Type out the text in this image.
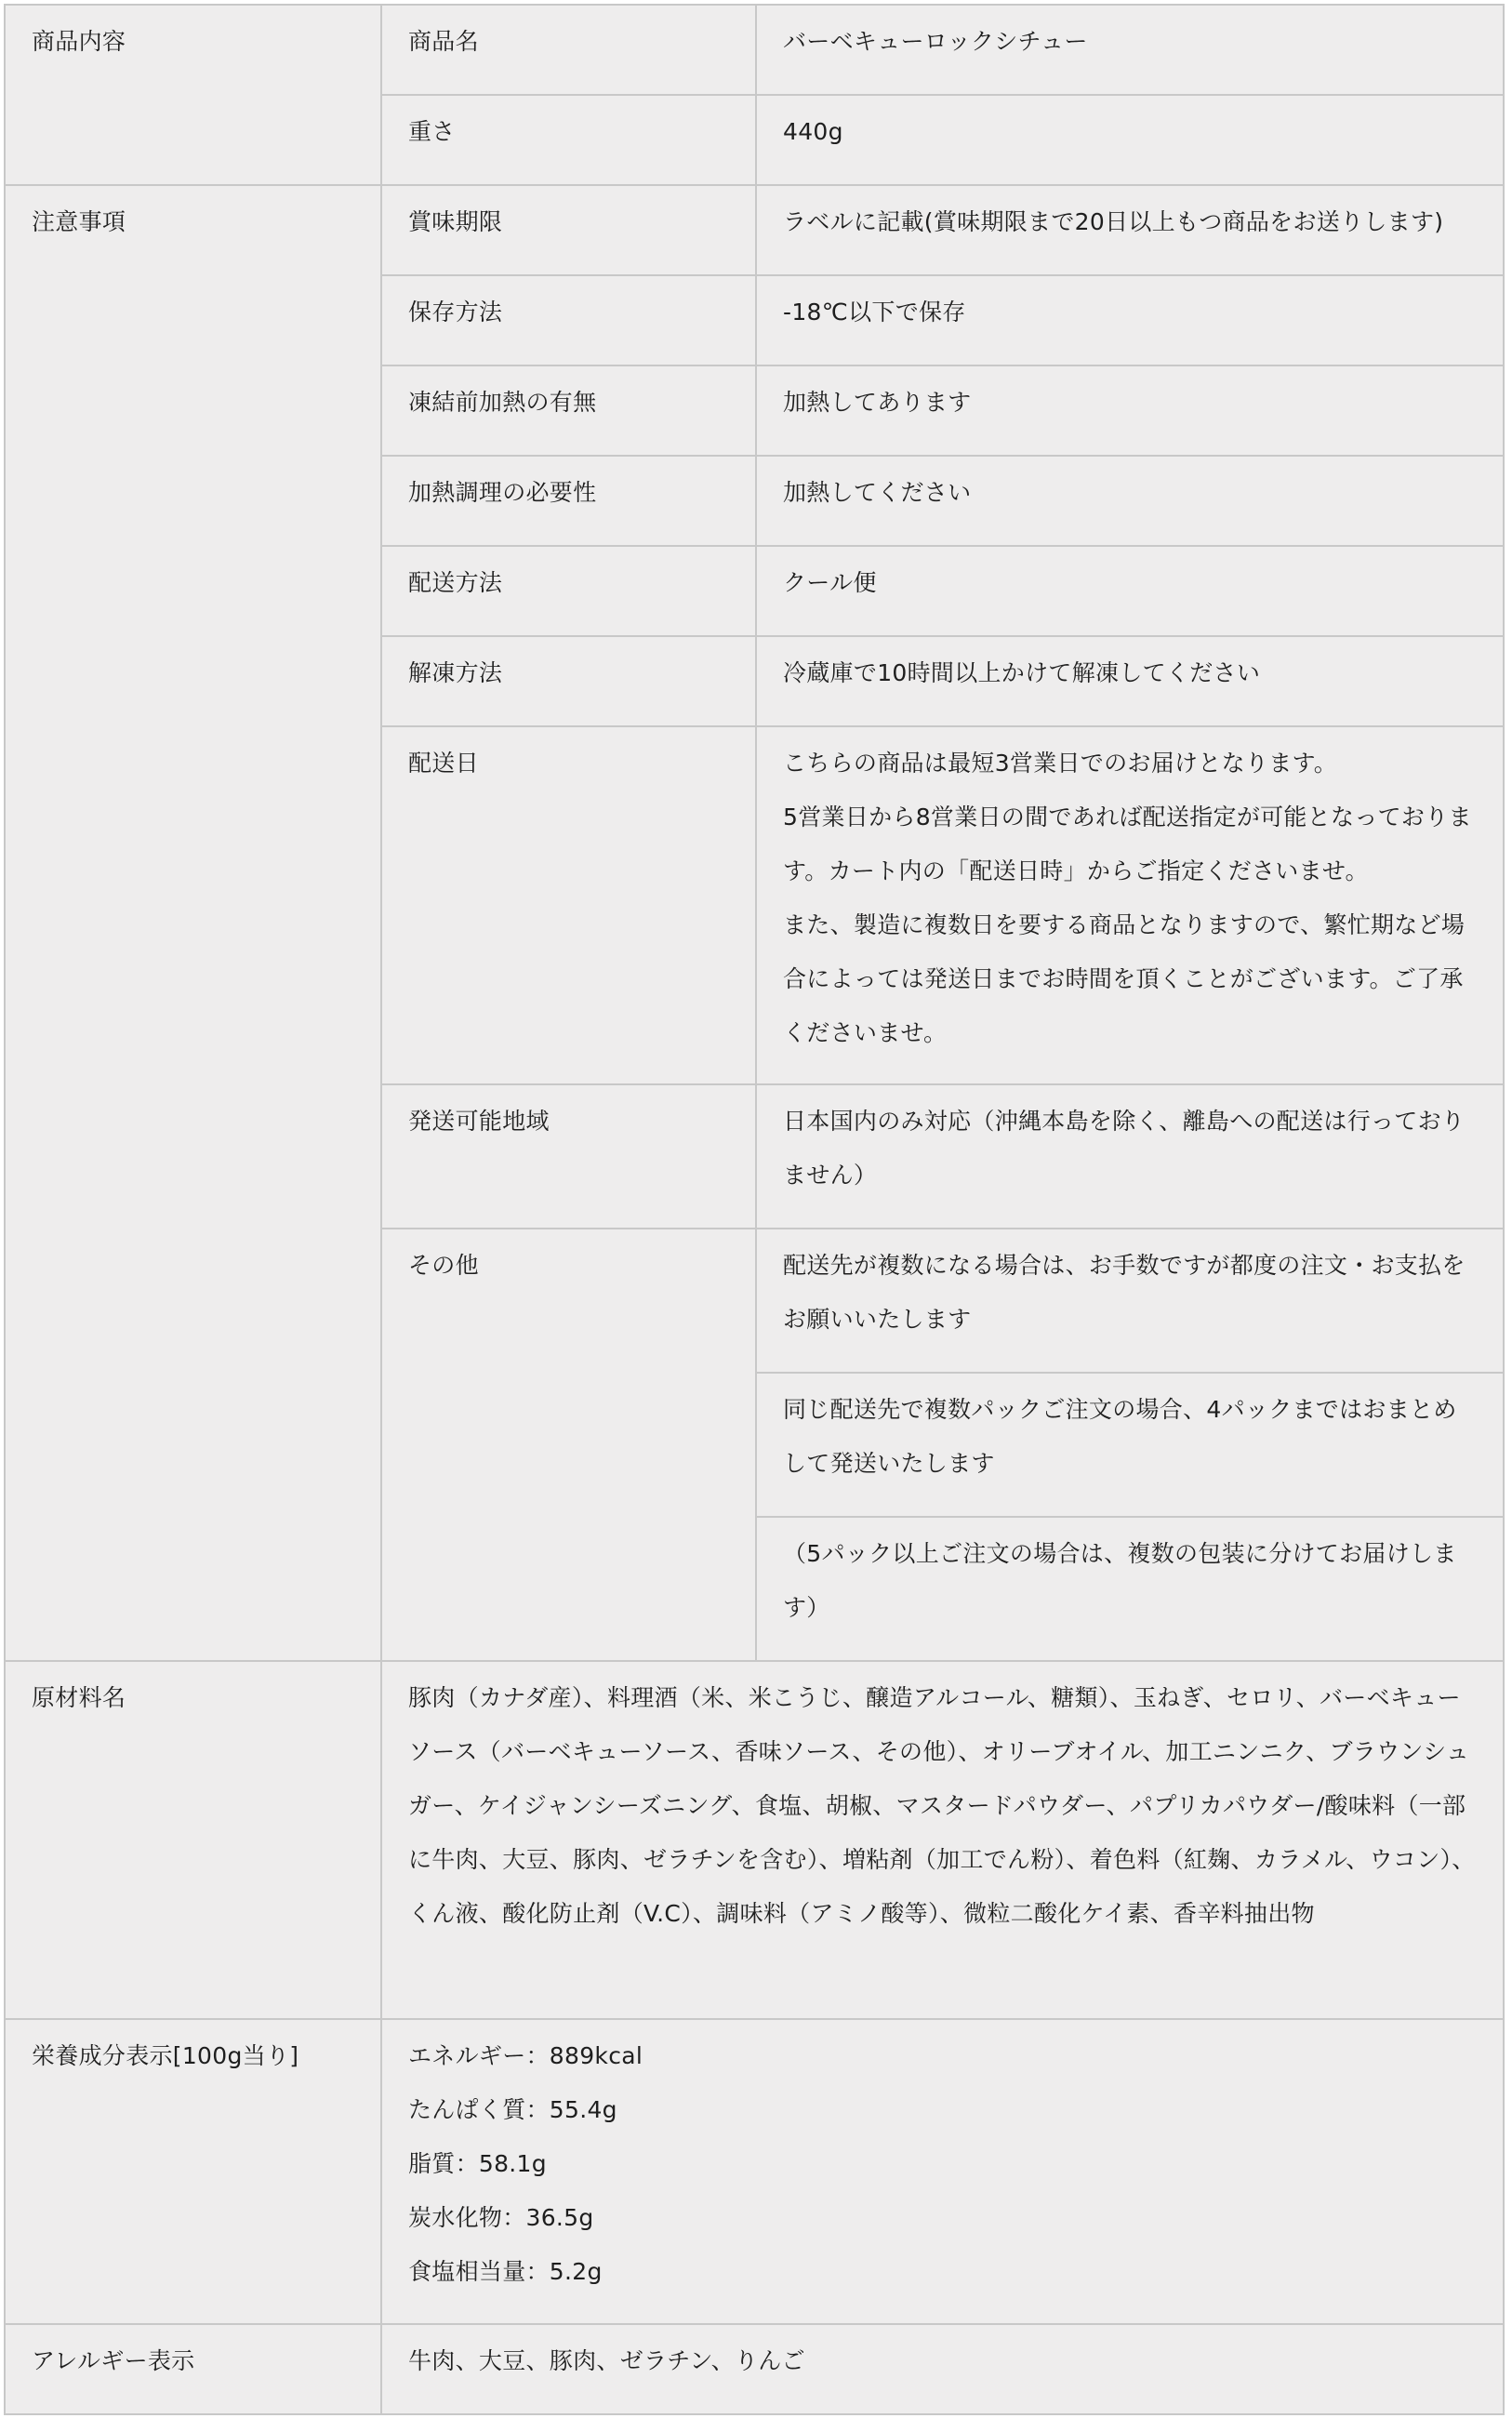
商品内容	商品名	バーベキューロックシチュー

	重さ	440g

注意事項	賞味期限	ラベルに記載(賞味期限まで20日以上もつ商品をお送りします)

	保存方法	-18℃以下で保存

	凍結前加熱の有無	加熱してあります

	加熱調理の必要性	加熱してください

	配送方法	クール便

	解凍方法	冷蔵庫で10時間以上かけて解凍してください

	配送日	こちらの商品は最短3営業日でのお届けとなります。
5営業日から8営業日の間であれば配送指定が可能となっております。カート内の「配送日時」からご指定くださいませ。
また、製造に複数日を要する商品となりますので、繁忙期など場合によっては発送日までお時間を頂くことがございます。ご了承くださいませ。

	発送可能地域	日本国内のみ対応（沖縄本島を除く、離島への配送は行っておりません）

	その他	配送先が複数になる場合は、お手数ですが都度の注文・お支払をお願いいたします

		同じ配送先で複数パックご注文の場合、4パックまではおまとめして発送いたします

		（5パック以上ご注文の場合は、複数の包装に分けてお届けします）

原材料名	豚肉（カナダ産）、料理酒（米、米こうじ、醸造アルコール、糖類）、玉ねぎ、セロリ、バーベキューソース（バーベキューソース、香味ソース、その他）、オリーブオイル、加工ニンニク、ブラウンシュガー、ケイジャンシーズニング、食塩、胡椒、マスタードパウダー、パプリカパウダー/酸味料（一部に牛肉、大豆、豚肉、ゼラチンを含む）、増粘剤（加工でん粉）、着色料（紅麹、カラメル、ウコン）、くん液、酸化防止剤（V.C）、調味料（アミノ酸等）、微粒二酸化ケイ素、香辛料抽出物	

栄養成分表示[100g当り]	エネルギー：889kcal
たんぱく質：55.4g
脂質：58.1g
炭水化物：36.5g
食塩相当量：5.2g	

アレルギー表示	牛肉、大豆、豚肉、ゼラチン、りんご	
